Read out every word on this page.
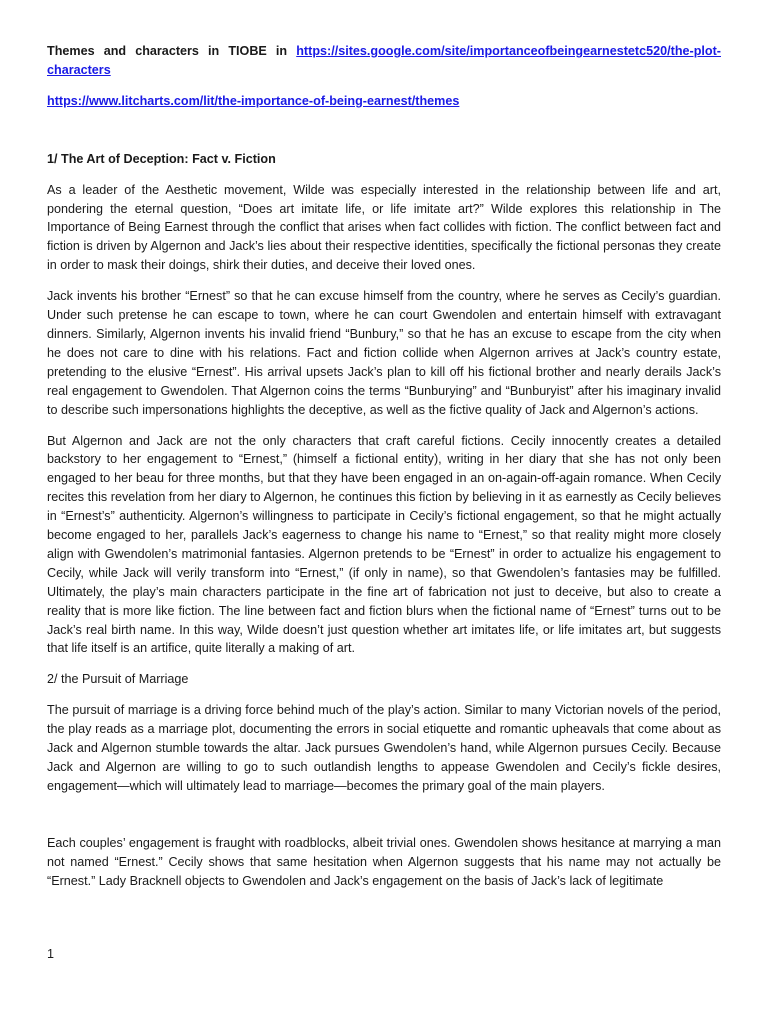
Themes and characters in TIOBE in https://sites.google.com/site/importanceofbeingearnestetc520/the-plot-characters

https://www.litcharts.com/lit/the-importance-of-being-earnest/themes

1/ The Art of Deception: Fact v. Fiction

As a leader of the Aesthetic movement, Wilde was especially interested in the relationship between life and art, pondering the eternal question, “Does art imitate life, or life imitate art?” Wilde explores this relationship in The Importance of Being Earnest through the conflict that arises when fact collides with fiction. The conflict between fact and fiction is driven by Algernon and Jack’s lies about their respective identities, specifically the fictional personas they create in order to mask their doings, shirk their duties, and deceive their loved ones.

Jack invents his brother “Ernest” so that he can excuse himself from the country, where he serves as Cecily’s guardian. Under such pretense he can escape to town, where he can court Gwendolen and entertain himself with extravagant dinners. Similarly, Algernon invents his invalid friend “Bunbury,” so that he has an excuse to escape from the city when he does not care to dine with his relations. Fact and fiction collide when Algernon arrives at Jack’s country estate, pretending to the elusive “Ernest”. His arrival upsets Jack’s plan to kill off his fictional brother and nearly derails Jack’s real engagement to Gwendolen. That Algernon coins the terms “Bunburying” and “Bunburyist” after his imaginary invalid to describe such impersonations highlights the deceptive, as well as the fictive quality of Jack and Algernon’s actions.

But Algernon and Jack are not the only characters that craft careful fictions. Cecily innocently creates a detailed backstory to her engagement to “Ernest,” (himself a fictional entity), writing in her diary that she has not only been engaged to her beau for three months, but that they have been engaged in an on-again-off-again romance. When Cecily recites this revelation from her diary to Algernon, he continues this fiction by believing in it as earnestly as Cecily believes in “Ernest’s” authenticity. Algernon’s willingness to participate in Cecily’s fictional engagement, so that he might actually become engaged to her, parallels Jack’s eagerness to change his name to “Ernest,” so that reality might more closely align with Gwendolen’s matrimonial fantasies. Algernon pretends to be “Ernest” in order to actualize his engagement to Cecily, while Jack will verily transform into “Ernest,” (if only in name), so that Gwendolen’s fantasies may be fulfilled. Ultimately, the play’s main characters participate in the fine art of fabrication not just to deceive, but also to create a reality that is more like fiction. The line between fact and fiction blurs when the fictional name of “Ernest” turns out to be Jack’s real birth name. In this way, Wilde doesn’t just question whether art imitates life, or life imitates art, but suggests that life itself is an artifice, quite literally a making of art.

2/ the Pursuit of Marriage

The pursuit of marriage is a driving force behind much of the play’s action. Similar to many Victorian novels of the period, the play reads as a marriage plot, documenting the errors in social etiquette and romantic upheavals that come about as Jack and Algernon stumble towards the altar. Jack pursues Gwendolen’s hand, while Algernon pursues Cecily. Because Jack and Algernon are willing to go to such outlandish lengths to appease Gwendolen and Cecily’s fickle desires, engagement—which will ultimately lead to marriage—becomes the primary goal of the main players.

Each couples’ engagement is fraught with roadblocks, albeit trivial ones. Gwendolen shows hesitance at marrying a man not named “Ernest.” Cecily shows that same hesitation when Algernon suggests that his name may not actually be “Ernest.” Lady Bracknell objects to Gwendolen and Jack’s engagement on the basis of Jack’s lack of legitimate

1
